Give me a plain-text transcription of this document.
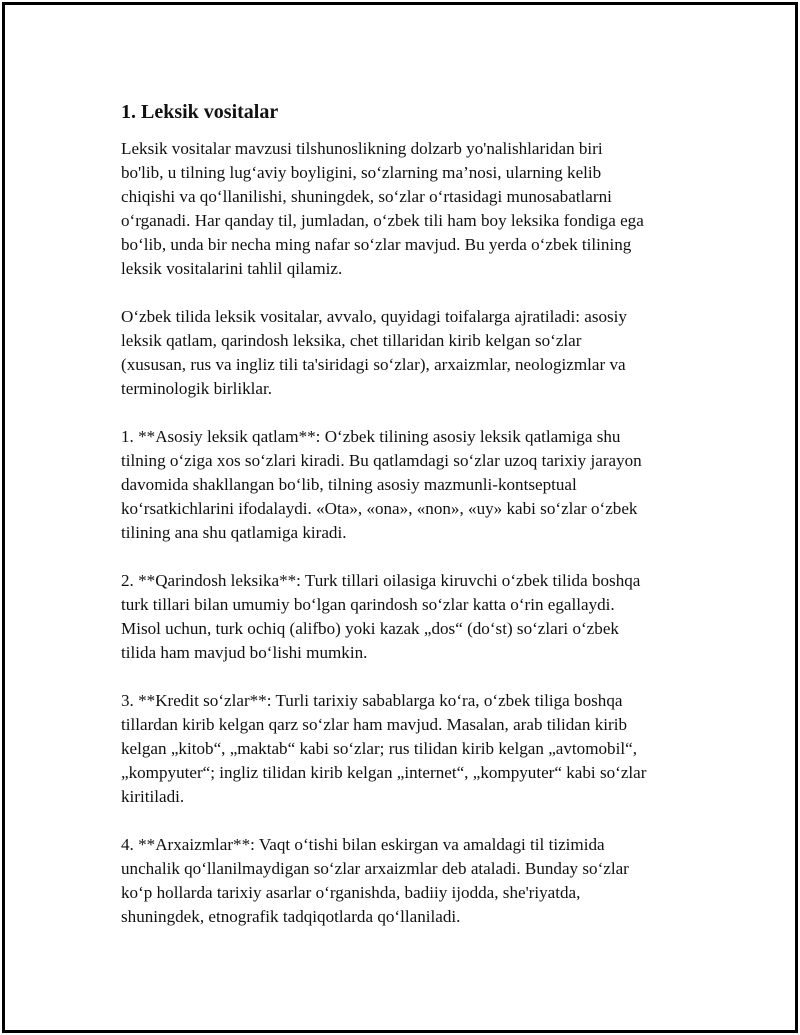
1. Leksik vositalar

Leksik vositalar mavzusi tilshunoslikning dolzarb yo'nalishlaridan biri
bo'lib, u tilning lug‘aviy boyligini, so‘zlarning ma’nosi, ularning kelib
chiqishi va qo‘llanilishi, shuningdek, so‘zlar o‘rtasidagi munosabatlarni
o‘rganadi. Har qanday til, jumladan, o‘zbek tili ham boy leksika fondiga ega
bo‘lib, unda bir necha ming nafar so‘zlar mavjud. Bu yerda o‘zbek tilining
leksik vositalarini tahlil qilamiz.

O‘zbek tilida leksik vositalar, avvalo, quyidagi toifalarga ajratiladi: asosiy
leksik qatlam, qarindosh leksika, chet tillaridan kirib kelgan so‘zlar
(xususan, rus va ingliz tili ta'siridagi so‘zlar), arxaizmlar, neologizmlar va
terminologik birliklar.

1. **Asosiy leksik qatlam**: O‘zbek tilining asosiy leksik qatlamiga shu
tilning o‘ziga xos so‘zlari kiradi. Bu qatlamdagi so‘zlar uzoq tarixiy jarayon
davomida shakllangan bo‘lib, tilning asosiy mazmunli-kontseptual
ko‘rsatkichlarini ifodalaydi. «Ota», «ona», «non», «uy» kabi so‘zlar o‘zbek
tilining ana shu qatlamiga kiradi.

2. **Qarindosh leksika**: Turk tillari oilasiga kiruvchi o‘zbek tilida boshqa
turk tillari bilan umumiy bo‘lgan qarindosh so‘zlar katta o‘rin egallaydi.
Misol uchun, turk ochiq (alifbo) yoki kazak „dos“ (do‘st) so‘zlari o‘zbek
tilida ham mavjud bo‘lishi mumkin.

3. **Kredit so‘zlar**: Turli tarixiy sabablarga ko‘ra, o‘zbek tiliga boshqa
tillardan kirib kelgan qarz so‘zlar ham mavjud. Masalan, arab tilidan kirib
kelgan „kitob“, „maktab“ kabi so‘zlar; rus tilidan kirib kelgan „avtomobil“,
„kompyuter“; ingliz tilidan kirib kelgan „internet“, „kompyuter“ kabi so‘zlar
kiritiladi.

4. **Arxaizmlar**: Vaqt o‘tishi bilan eskirgan va amaldagi til tizimida
unchalik qo‘llanilmaydigan so‘zlar arxaizmlar deb ataladi. Bunday so‘zlar
ko‘p hollarda tarixiy asarlar o‘rganishda, badiiy ijodda, she'riyatda,
shuningdek, etnografik tadqiqotlarda qo‘llaniladi.
